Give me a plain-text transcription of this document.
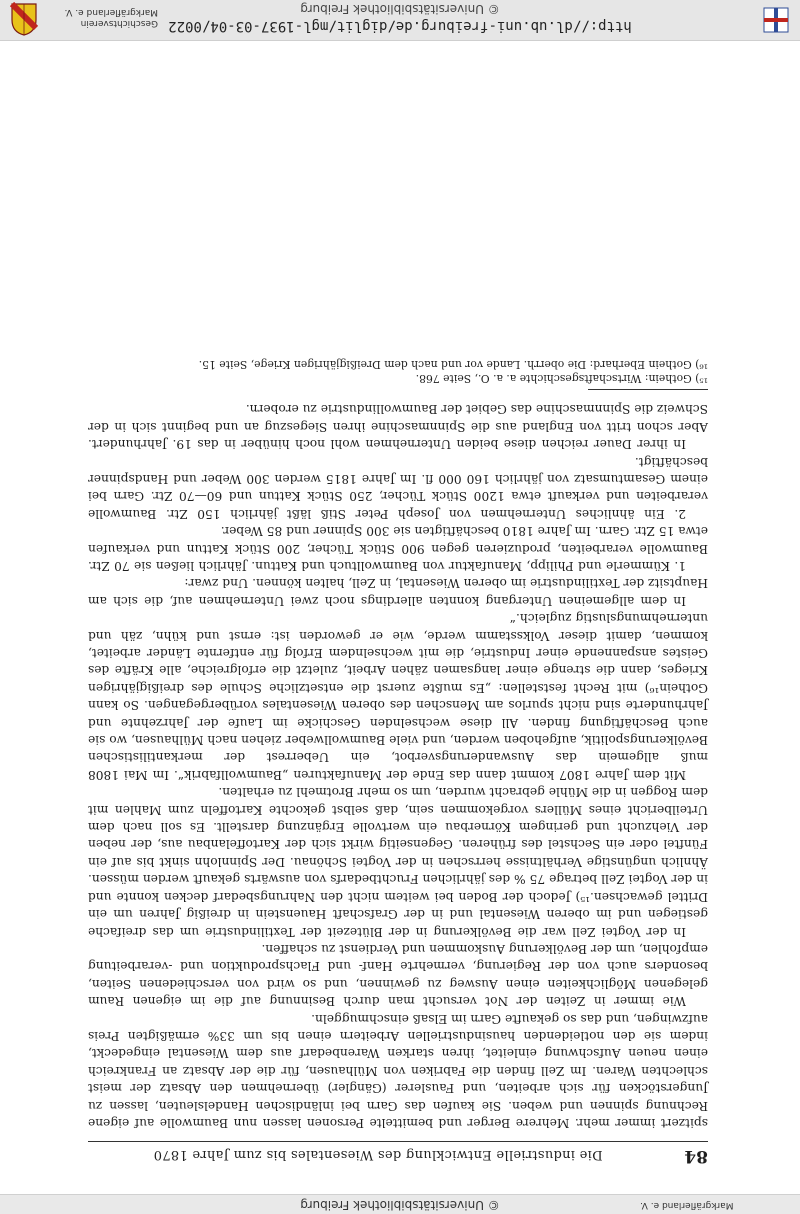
http://dl.ub.uni-freiburg.de/diglit/mgl-1937-03-04/0022
© Universitätsbibliothek Freiburg
Geschichtsverein Markgräflerland e. V.
84
Die industrielle Entwicklung des Wiesentales bis zum Jahre 1870

spitzert immer mehr. Mehrere Berger und bemittelte Personen lassen nun Baumwolle auf eigene Rechnung spinnen und weben. Sie kaufen das Garn bei inländischen Handelsleuten, lassen zu Jungerstöcken für sich arbeiten, und Fauslerer (Gängler) übernehmen den Absatz der meist schlechten Waren. Im Zell finden die Fabriken von Mülhausen, für die der Absatz an Frankreich einen neuen Aufschwung einleitet, ihren starken Warenbedarf aus dem Wiesental eingedeckt, indem sie den notleidenden hausindustriellen Arbeitern einen bis um 33% ermäßigten Preis aufzwingen, und das so gekaufte Garn im Elsaß einschmuggeln.

Wie immer in Zeiten der Not versucht man durch Besinnung auf die im eigenen Raum gelegenen Möglichkeiten einen Ausweg zu gewinnen, und so wird von verschiedenen Seiten, besonders auch von der Regierung, vermehrte Hanf- und Flachsproduktion und -verarbeitung empfohlen, um der Bevölkerung Auskommen und Verdienst zu schaffen.

In der Vogtei Zell war die Bevölkerung in der Blütezeit der Textilindustrie um das dreifache gestiegen und im oberen Wiesental und in der Grafschaft Hauenstein in dreißig Jahren um ein Drittel gewachsen.¹⁵) Jedoch der Boden bei weitem nicht den Nahrungsbedarf decken konnte und in der Vogtei Zell betrage 75 % des jährlichen Fruchtbedarfs von auswärts gekauft werden müssen. Ähnlich ungünstige Verhältnisse herrschen in der Vogtei Schönau. Der Spinnlohn sinkt bis auf ein Fünftel oder ein Sechstel des früheren. Gegenseitig wirkt sich der Kartoffelanbau aus, der neben der Viehzucht und geringem Körnerbau ein wertvolle Ergänzung darstellt. Es soll nach dem Urteilbericht eines Müllers vorgekommen sein, daß selbst gekochte Kartoffeln zum Mahlen mit dem Roggen in die Mühle gebracht wurden, um so mehr Brotmehl zu erhalten.

Mit dem Jahre 1807 kommt dann das Ende der Manufakturen „Baumwollfabrik“. Im Mai 1808 muß allgemein das Auswanderungsverbot, ein Ueberrest der merkantilistischen Bevölkerungspolitik, aufgehoben werden, und viele Baumwollweber ziehen nach Mülhausen, wo sie auch Beschäftigung finden. All diese wechselnden Geschicke im Laufe der Jahrzehnte und Jahrhunderte sind nicht spurlos am Menschen des oberen Wiesentales vorübergegangen. So kann Gothein¹⁶) mit Recht feststellen: „Es mußte zuerst die entsetzliche Schule des dreißigjährigen Krieges, dann die strenge einer langsamen zähen Arbeit, zuletzt die erfolgreiche, alle Kräfte des Geistes anspannende einer Industrie, die mit wechselndem Erfolg für entfernte Länder arbeitet, kommen, damit dieser Volksstamm werde, wie er geworden ist: ernst und kühn, zäh und unternehmungslustig zugleich.“

In dem allgemeinen Untergang konnten allerdings noch zwei Unternehmen auf, die sich am Hauptsitz der Textilindustrie im oberen Wiesental, in Zell, halten können. Und zwar:

1. Kümmerle und Philipp, Manufaktur von Baumwolltuch und Kattun. Jährlich ließen sie 70 Ztr. Baumwolle verarbeiten, produzieren gegen 900 Stück Tücher, 200 Stück Kattun und verkaufen etwa 15 Ztr. Garn. Im Jahre 1810 beschäftigten sie 300 Spinner und 85 Weber.

2. Ein ähnliches Unternehmen von Joseph Peter Stiß läßt jährlich 150 Ztr. Baumwolle verarbeiten und verkauft etwa 1200 Stück Tücher, 250 Stück Kattun und 60—70 Ztr. Garn bei einem Gesamtumsatz von jährlich 160 000 fl. Im Jahre 1815 werden 300 Weber und Handspinner beschäftigt.

In ihrer Dauer reichen diese beiden Unternehmen wohl noch hinüber in das 19. Jahrhundert. Aber schon tritt von England aus die Spinnmaschine ihren Siegeszug an und beginnt sich in der Schweiz die Spinnmaschine das Gebiet der Baumwollindustrie zu erobern.

¹⁵) Gothein: Wirtschaftsgeschichte a. a. O., Seite 768.

¹⁶) Gothein Eberhard: Die oberrh. Lande vor und nach dem Dreißigjährigen Kriege, Seite 15.

© Universitätsbibliothek Freiburg	Markgräflerland e. V.
